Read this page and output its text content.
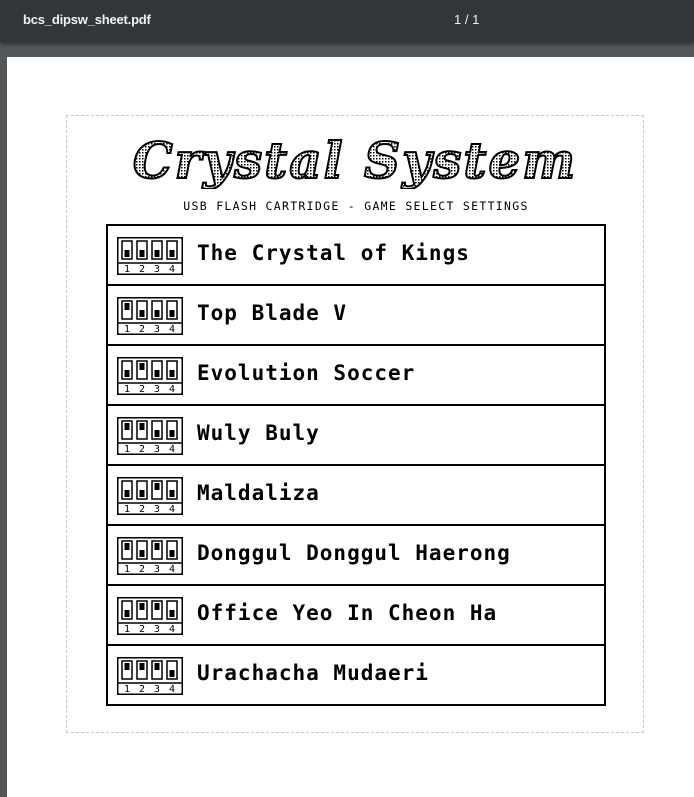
bcs_dipsw_sheet.pdf	1 / 1
Crystal System
USB FLASH CARTRIDGE - GAME SELECT SETTINGS
1 2 3 4
The Crystal of Kings
1 2 3 4
Top Blade V
1 2 3 4
Evolution Soccer
1 2 3 4
Wuly Buly
1 2 3 4
Maldaliza
1 2 3 4
Donggul Donggul Haerong
1 2 3 4
Office Yeo In Cheon Ha
1 2 3 4
Urachacha Mudaeri
